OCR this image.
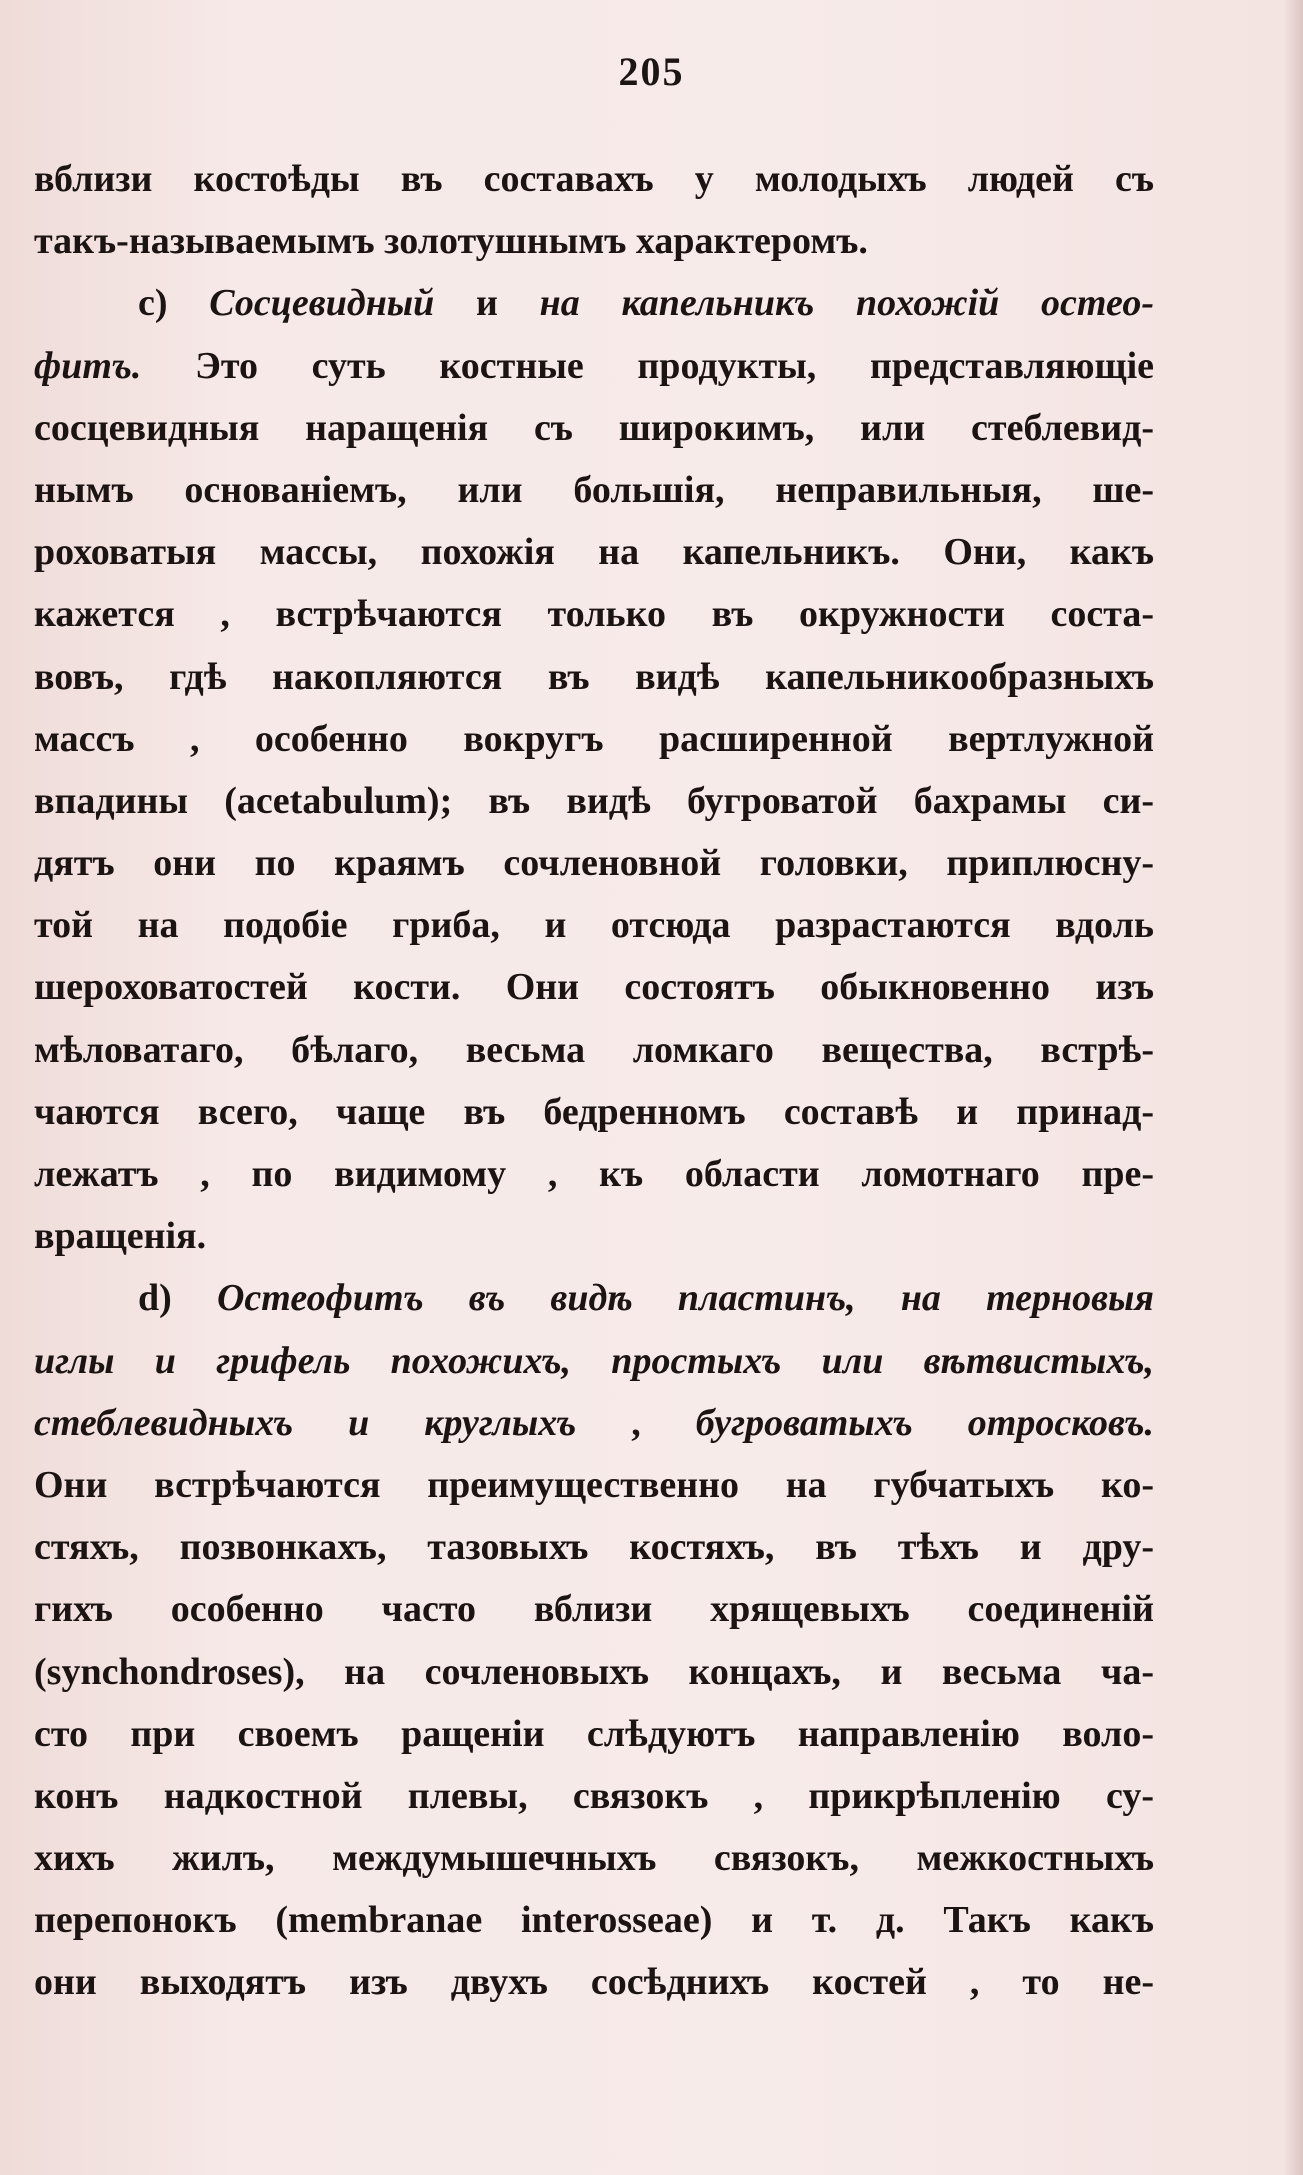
205
вблизи костоѣды въ составахъ у молодыхъ людей съ
такъ-называемымъ золотушнымъ характеромъ.
c) Сосцевидный и на капельникъ похожій остео-
фитъ. Это суть костные продукты, представляющіе
сосцевидныя наращенія съ широкимъ, или стеблевид-
нымъ основаніемъ, или большія, неправильныя, ше-
роховатыя массы, похожія на капельникъ. Они, какъ
кажется , встрѣчаются только въ окружности соста-
вовъ, гдѣ накопляются въ видѣ капельникообразныхъ
массъ , особенно вокругъ расширенной вертлужной
впадины (acetabulum); въ видѣ бугроватой бахрамы си-
дятъ они по краямъ сочленовной головки, приплюсну-
той на подобіе гриба, и отсюда разрастаются вдоль
шероховатостей кости. Они состоятъ обыкновенно изъ
мѣловатаго, бѣлаго, весьма ломкаго вещества, встрѣ-
чаются всего, чаще въ бедренномъ составѣ и принад-
лежатъ , по видимому , къ области ломотнаго пре-
вращенія.
d) Остеофитъ въ видѣ пластинъ, на терновыя
иглы и грифель похожихъ, простыхъ или вѣтвистыхъ,
стеблевидныхъ и круглыхъ , бугроватыхъ отросковъ.
Они встрѣчаются преимущественно на губчатыхъ ко-
стяхъ, позвонкахъ, тазовыхъ костяхъ, въ тѣхъ и дру-
гихъ особенно часто вблизи хрящевыхъ соединеній
(synchondroses), на сочленовыхъ концахъ, и весьма ча-
сто при своемъ ращеніи слѣдуютъ направленію воло-
конъ надкостной плевы, связокъ , прикрѣпленію су-
хихъ жилъ, междумышечныхъ связокъ, межкостныхъ
перепонокъ (membranae interosseae) и т. д. Такъ какъ
они выходятъ изъ двухъ сосѣднихъ костей , то не-
